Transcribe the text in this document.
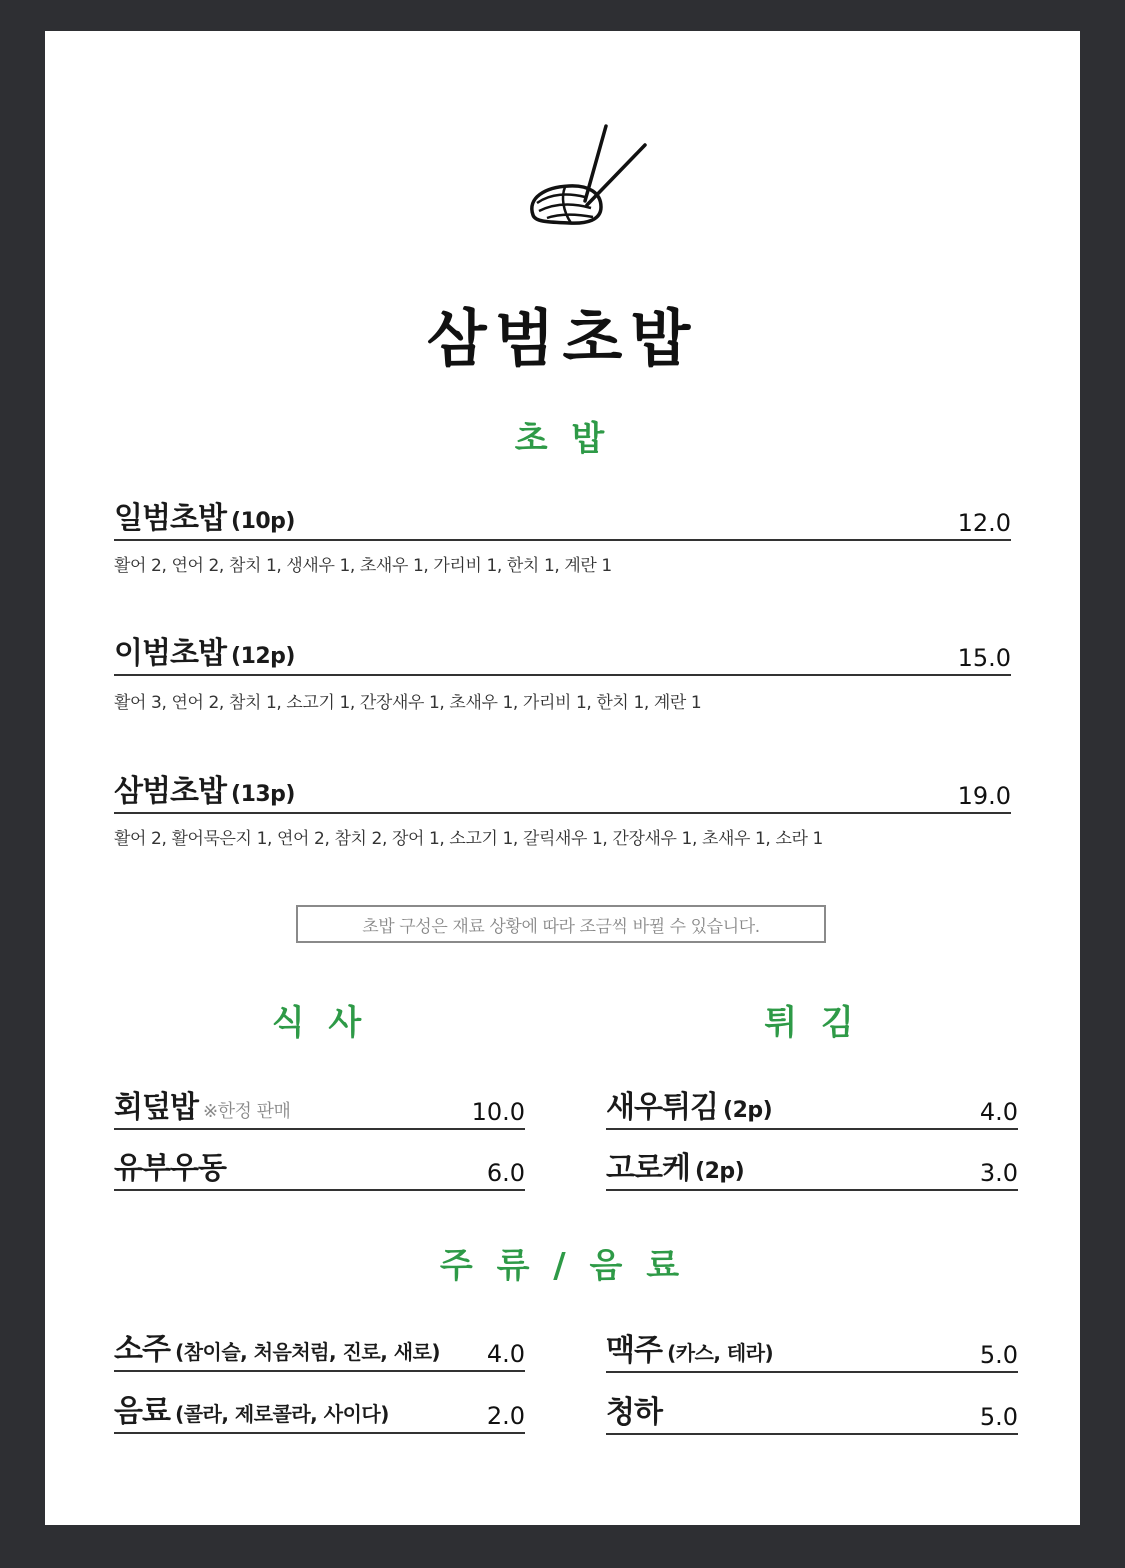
삼범초밥
초 밥
일범초밥 (10p)	12.0
활어 2, 연어 2, 참치 1, 생새우 1, 초새우 1, 가리비 1, 한치 1, 계란 1
이범초밥 (12p)	15.0
활어 3, 연어 2, 참치 1, 소고기 1, 간장새우 1, 초새우 1, 가리비 1, 한치 1, 계란 1
삼범초밥 (13p)	19.0
활어 2, 활어묵은지 1, 연어 2, 참치 2, 장어 1, 소고기 1, 갈릭새우 1, 간장새우 1, 초새우 1, 소라 1
초밥 구성은 재료 상황에 따라 조금씩 바뀔 수 있습니다.
식 사	튀 김
회덮밥 ※한정 판매	10.0
유부우동	6.0
새우튀김 (2p)	4.0
고로케 (2p)	3.0
주 류 / 음 료
소주 (참이슬, 처음처럼, 진로, 새로) 4.0
음료 (콜라, 제로콜라, 사이다)	2.0
맥주 (카스, 테라)	5.0
청하	5.0
